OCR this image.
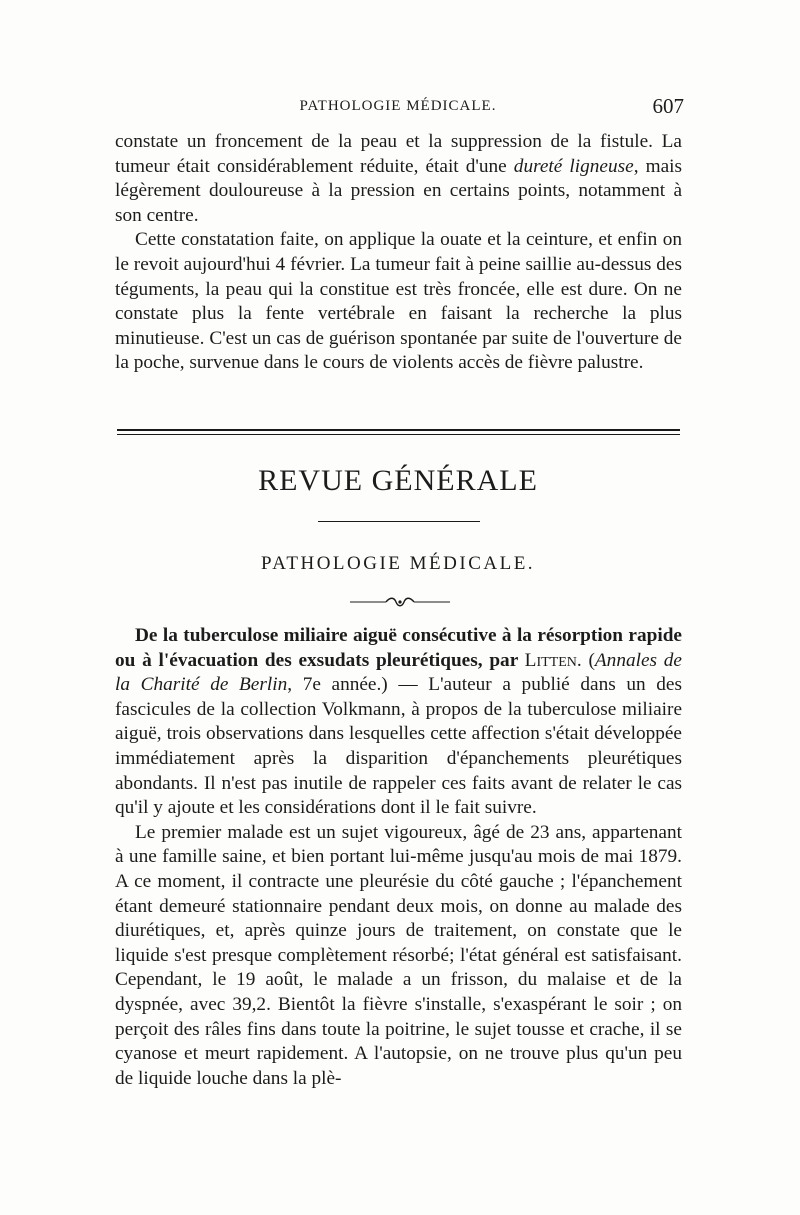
PATHOLOGIE MÉDICALE.	607

constate un froncement de la peau et la suppression de la fistule. La tumeur était considérablement réduite, était d'une dureté ligneuse, mais légèrement douloureuse à la pression en certains points, notamment à son centre.

Cette constatation faite, on applique la ouate et la ceinture, et enfin on le revoit aujourd'hui 4 février. La tumeur fait à peine saillie au-dessus des téguments, la peau qui la constitue est très froncée, elle est dure. On ne constate plus la fente vertébrale en faisant la recherche la plus minutieuse. C'est un cas de guérison spontanée par suite de l'ouverture de la poche, survenue dans le cours de violents accès de fièvre palustre.

REVUE GÉNÉRALE
PATHOLOGIE MÉDICALE.

De la tuberculose miliaire aiguë consécutive à la résorption rapide ou à l'évacuation des exsudats pleurétiques, par Litten. (Annales de la Charité de Berlin, 7e année.) — L'auteur a publié dans un des fascicules de la collection Volkmann, à propos de la tuberculose miliaire aiguë, trois observations dans lesquelles cette affection s'était développée immédiatement après la disparition d'épanchements pleurétiques abondants. Il n'est pas inutile de rappeler ces faits avant de relater le cas qu'il y ajoute et les considérations dont il le fait suivre.

Le premier malade est un sujet vigoureux, âgé de 23 ans, appartenant à une famille saine, et bien portant lui-même jusqu'au mois de mai 1879. A ce moment, il contracte une pleurésie du côté gauche ; l'épanchement étant demeuré stationnaire pendant deux mois, on donne au malade des diurétiques, et, après quinze jours de traitement, on constate que le liquide s'est presque complètement résorbé; l'état général est satisfaisant. Cependant, le 19 août, le malade a un frisson, du malaise et de la dyspnée, avec 39,2. Bientôt la fièvre s'installe, s'exaspérant le soir ; on perçoit des râles fins dans toute la poitrine, le sujet tousse et crache, il se cyanose et meurt rapidement. A l'autopsie, on ne trouve plus qu'un peu de liquide louche dans la plè-
